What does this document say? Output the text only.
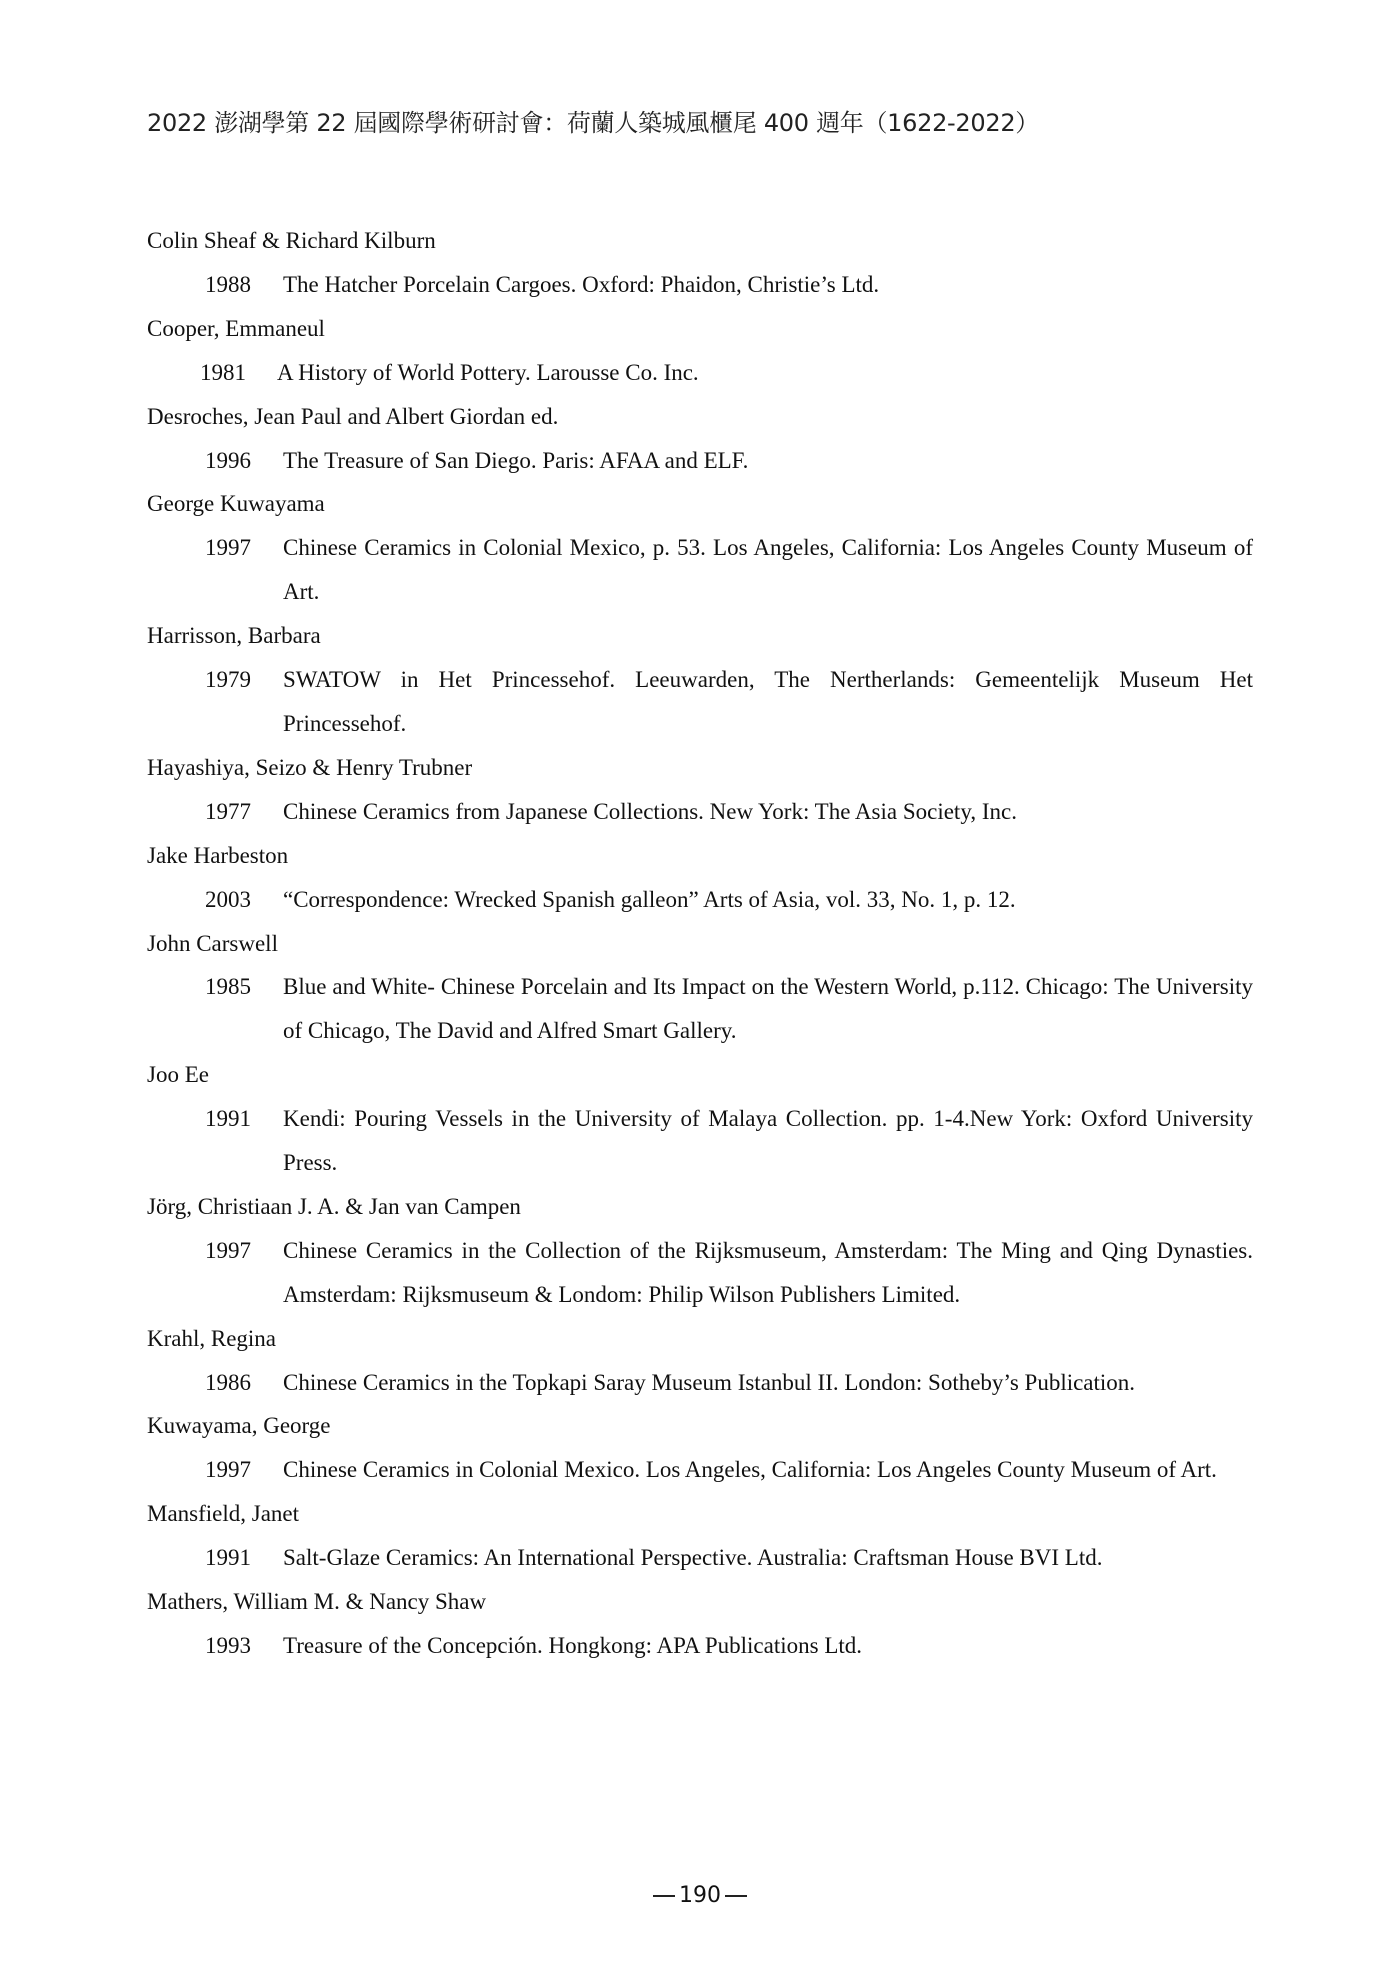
2022 澎湖學第 22 屆國際學術研討會：荷蘭人築城風櫃尾 400 週年（1622-2022）

Colin Sheaf & Richard Kilburn

1988 The Hatcher Porcelain Cargoes. Oxford: Phaidon, Christie’s Ltd.

Cooper, Emmaneul

1981 A History of World Pottery. Larousse Co. Inc.

Desroches, Jean Paul and Albert Giordan ed.

1996 The Treasure of San Diego. Paris: AFAA and ELF.

George Kuwayama

1997 Chinese Ceramics in Colonial Mexico, p. 53. Los Angeles, California: Los Angeles County Museum of Art.

Harrisson, Barbara

1979 SWATOW in Het Princessehof. Leeuwarden, The Nertherlands: Gemeentelijk Museum Het Princessehof.

Hayashiya, Seizo & Henry Trubner

1977 Chinese Ceramics from Japanese Collections. New York: The Asia Society, Inc.

Jake Harbeston

2003 “Correspondence: Wrecked Spanish galleon” Arts of Asia, vol. 33, No. 1, p. 12.

John Carswell

1985 Blue and White- Chinese Porcelain and Its Impact on the Western World, p.112. Chicago: The University of Chicago, The David and Alfred Smart Gallery.

Joo Ee

1991 Kendi: Pouring Vessels in the University of Malaya Collection. pp. 1-4.New York: Oxford University Press.

Jörg, Christiaan J. A. & Jan van Campen

1997 Chinese Ceramics in the Collection of the Rijksmuseum, Amsterdam: The Ming and Qing Dynasties. Amsterdam: Rijksmuseum & Londom: Philip Wilson Publishers Limited.

Krahl, Regina

1986 Chinese Ceramics in the Topkapi Saray Museum Istanbul II. London: Sotheby’s Publication.

Kuwayama, George

1997 Chinese Ceramics in Colonial Mexico. Los Angeles, California: Los Angeles County Museum of Art.

Mansfield, Janet

1991 Salt-Glaze Ceramics: An International Perspective. Australia: Craftsman House BVI Ltd.

Mathers, William M. & Nancy Shaw

1993 Treasure of the Concepción. Hongkong: APA Publications Ltd.

190
